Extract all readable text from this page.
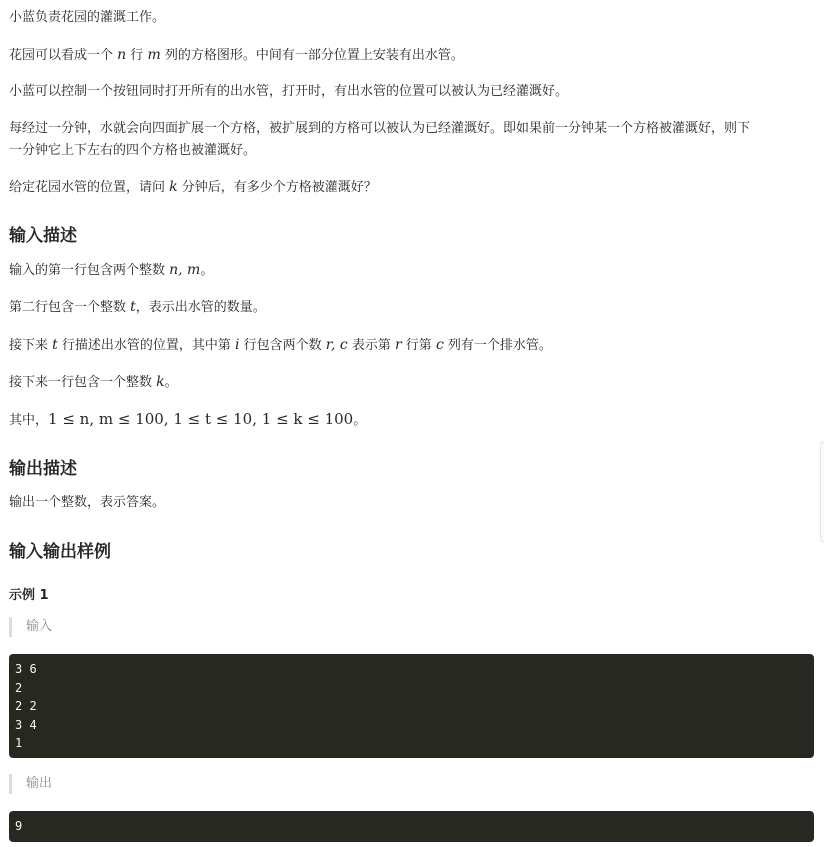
小蓝负责花园的灌溉工作。

花园可以看成一个 n 行 m 列的方格图形。中间有一部分位置上安装有出水管。

小蓝可以控制一个按钮同时打开所有的出水管，打开时，有出水管的位置可以被认为已经灌溉好。

每经过一分钟，水就会向四面扩展一个方格，被扩展到的方格可以被认为已经灌溉好。即如果前一分钟某一个方格被灌溉好，则下

一分钟它上下左右的四个方格也被灌溉好。

给定花园水管的位置，请问 k 分钟后，有多少个方格被灌溉好？

输入描述

输入的第一行包含两个整数 n, m。

第二行包含一个整数 t，表示出水管的数量。

接下来 t 行描述出水管的位置，其中第 i 行包含两个数 r, c 表示第 r 行第 c 列有一个排水管。

接下来一行包含一个整数 k。

其中，1 ≤ n, m ≤ 100, 1 ≤ t ≤ 10, 1 ≤ k ≤ 100。

输出描述

输出一个整数，表示答案。

输入输出样例
示例 1
输入
3 6
2
2 2
3 4
1
输出
9
